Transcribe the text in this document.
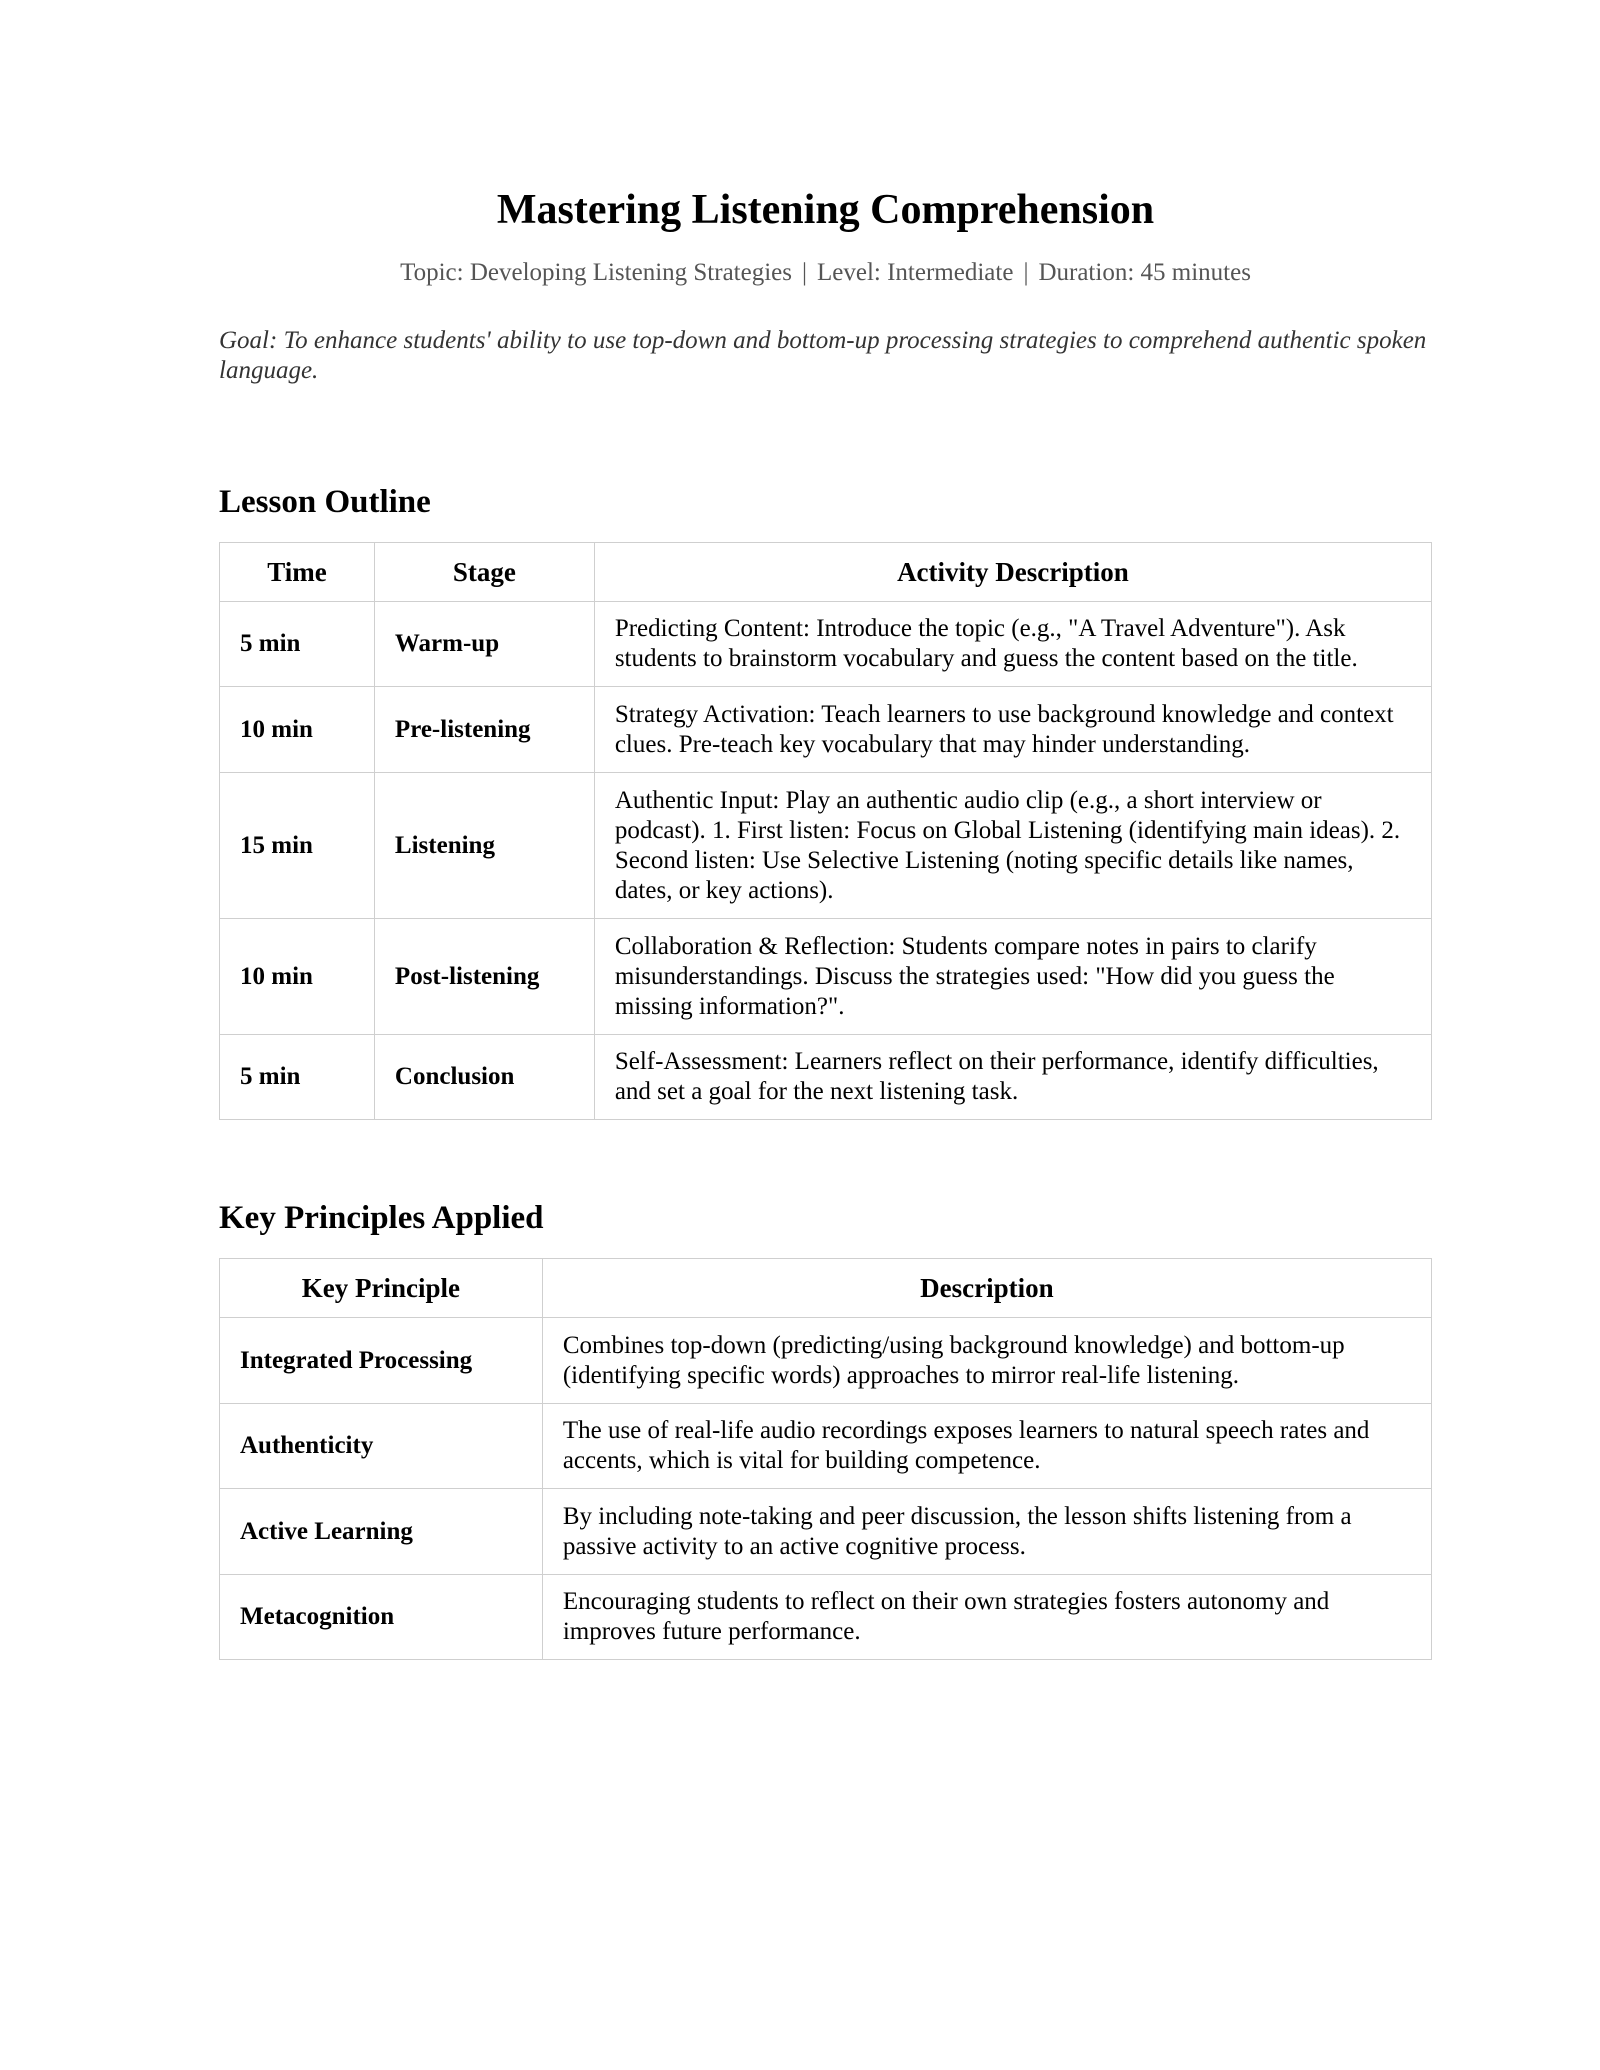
Mastering Listening Comprehension
Topic: Developing Listening Strategies | Level: Intermediate | Duration: 45 minutes
Goal: To enhance students' ability to use top-down and bottom-up processing strategies to comprehend authentic spoken language.
Lesson Outline
Time	Stage	Activity Description
5 min	Warm-up	Predicting Content: Introduce the topic (e.g., "A Travel Adventure"). Ask students to brainstorm vocabulary and guess the content based on the title.
10 min	Pre-listening	Strategy Activation: Teach learners to use background knowledge and context clues. Pre-teach key vocabulary that may hinder understanding.
15 min	Listening	Authentic Input: Play an authentic audio clip (e.g., a short interview or podcast). 1. First listen: Focus on Global Listening (identifying main ideas). 2. Second listen: Use Selective Listening (noting specific details like names, dates, or key actions).
10 min	Post-listening	Collaboration & Reflection: Students compare notes in pairs to clarify misunderstandings. Discuss the strategies used: "How did you guess the missing information?".
5 min	Conclusion	Self-Assessment: Learners reflect on their performance, identify difficulties, and set a goal for the next listening task.
Key Principles Applied
Key Principle	Description
Integrated Processing	Combines top-down (predicting/using background knowledge) and bottom-up (identifying specific words) approaches to mirror real-life listening.
Authenticity	The use of real-life audio recordings exposes learners to natural speech rates and accents, which is vital for building competence.
Active Learning	By including note-taking and peer discussion, the lesson shifts listening from a passive activity to an active cognitive process.
Metacognition	Encouraging students to reflect on their own strategies fosters autonomy and improves future performance.
